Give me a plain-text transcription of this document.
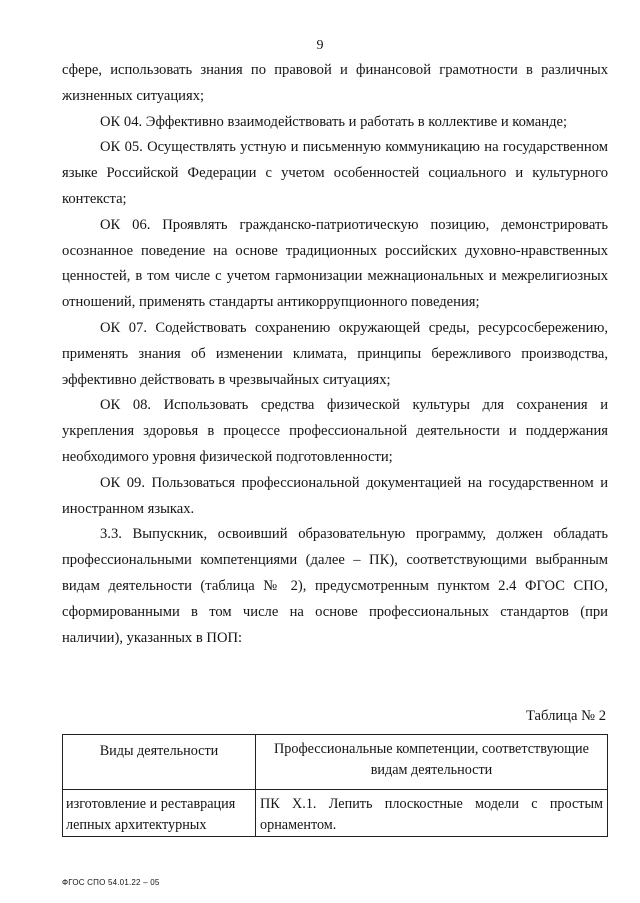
9

сфере, использовать знания по правовой и финансовой грамотности в различных жизненных ситуациях;

ОК 04. Эффективно взаимодействовать и работать в коллективе и команде;

ОК 05. Осуществлять устную и письменную коммуникацию на государственном языке Российской Федерации с учетом особенностей социального и культурного контекста;

ОК 06. Проявлять гражданско-патриотическую позицию, демонстрировать осознанное поведение на основе традиционных российских духовно-нравственных ценностей, в том числе с учетом гармонизации межнациональных и межрелигиозных отношений, применять стандарты антикоррупционного поведения;

ОК 07. Содействовать сохранению окружающей среды, ресурсосбережению, применять знания об изменении климата, принципы бережливого производства, эффективно действовать в чрезвычайных ситуациях;

ОК 08. Использовать средства физической культуры для сохранения и укрепления здоровья в процессе профессиональной деятельности и поддержания необходимого уровня физической подготовленности;

ОК 09. Пользоваться профессиональной документацией на государственном и иностранном языках.

3.3. Выпускник, освоивший образовательную программу, должен обладать профессиональными компетенциями (далее – ПК), соответствующими выбранным видам деятельности (таблица № 2), предусмотренным пунктом 2.4 ФГОС СПО, сформированными в том числе на основе профессиональных стандартов (при наличии), указанных в ПОП:

Таблица № 2
Виды деятельности	Профессиональные компетенции, соответствующие видам деятельности
изготовление и реставрация лепных архитектурных	ПК Х.1. Лепить плоскостные модели с простым орнаментом.
ФГОС СПО 54.01.22 – 05
